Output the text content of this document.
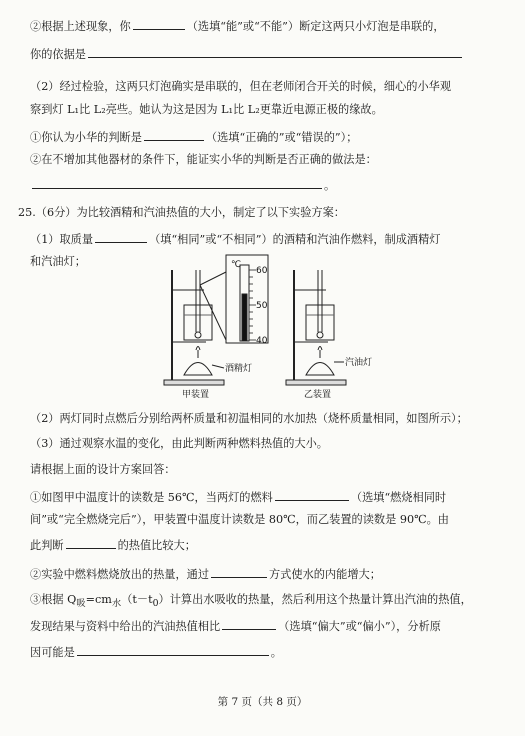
②根据上述现象，你	（选填“能”或“不能”）断定这两只小灯泡是串联的，
你的依据是
（2）经过检验，这两只灯泡确实是串联的，但在老师闭合开关的时候，细心的小华观
察到灯 L₁比 L₂亮些。她认为这是因为 L₁比 L₂更靠近电源正极的缘故。
①你认为小华的判断是	（选填“正确的”或“错误的”）；
②在不增加其他器材的条件下，能证实小华的判断是否正确的做法是：
。
25.（6分）为比较酒精和汽油热值的大小，制定了以下实验方案：
（1）取质量	（填“相同”或“不相同”）的酒精和汽油作燃料，制成酒精灯
和汽油灯；	℃
60
50
40
酒精灯
汽油灯
甲装置	乙装置
（2）两灯同时点燃后分别给两杯质量和初温相同的水加热（烧杯质量相同，如图所示）；
（3）通过观察水温的变化，由此判断两种燃料热值的大小。
请根据上面的设计方案回答：
①如图甲中温度计的读数是 56℃，当两灯的燃料	（选填“燃烧相同时
间”或“完全燃烧完后”），甲装置中温度计读数是 80℃，而乙装置的读数是 90℃。由
此判断	的热值比较大；
②实验中燃料燃烧放出的热量，通过	方式使水的内能增大；
③根据 $Q_吸=cm_水(t-t_0)$计算出水吸收的热量，然后利用这个热量计算出汽油的热值，
发现结果与资料中给出的汽油热值相比	（选填“偏大”或“偏小”），分析原
因可能是	。
第 7 页（共 8 页）
